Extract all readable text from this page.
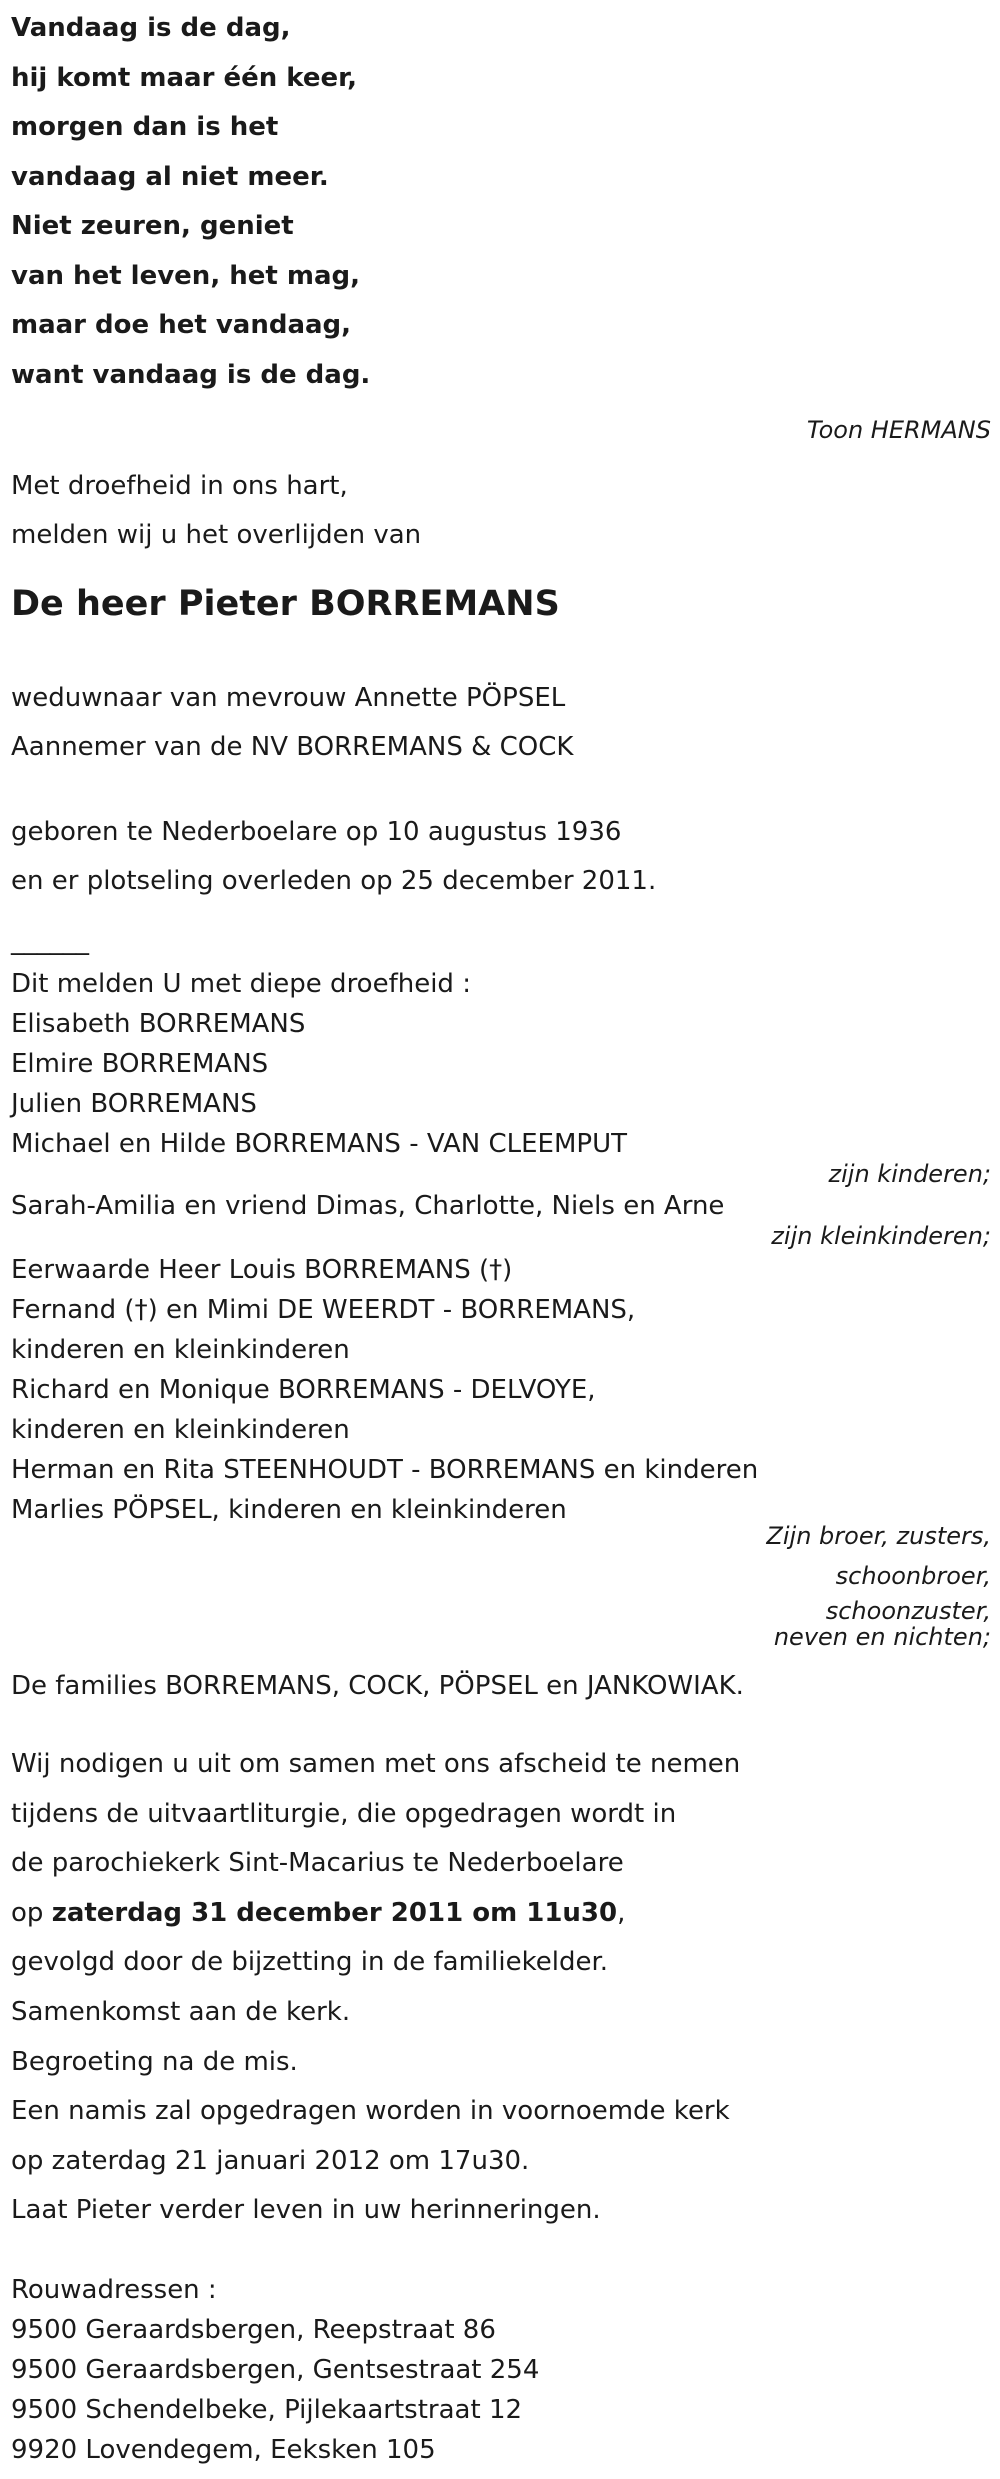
Vandaag is de dag,
hij komt maar één keer,
morgen dan is het
vandaag al niet meer.
Niet zeuren, geniet
van het leven, het mag,
maar doe het vandaag,
want vandaag is de dag.
Toon HERMANS
Met droefheid in ons hart,
melden wij u het overlijden van
De heer Pieter BORREMANS
weduwnaar van mevrouw Annette PÖPSEL
Aannemer van de NV BORREMANS & COCK
geboren te Nederboelare op 10 augustus 1936
en er plotseling overleden op 25 december 2011.
______
Dit melden U met diepe droefheid :
Elisabeth BORREMANS
Elmire BORREMANS
Julien BORREMANS
Michael en Hilde BORREMANS - VAN CLEEMPUT
zijn kinderen;
Sarah-Amilia en vriend Dimas, Charlotte, Niels en Arne
zijn kleinkinderen;
Eerwaarde Heer Louis BORREMANS (†)
Fernand (†) en Mimi DE WEERDT - BORREMANS,
kinderen en kleinkinderen
Richard en Monique BORREMANS - DELVOYE,
kinderen en kleinkinderen
Herman en Rita STEENHOUDT - BORREMANS en kinderen
Marlies PÖPSEL, kinderen en kleinkinderen
Zijn broer, zusters,
schoonbroer,
schoonzuster,
neven en nichten;
De families BORREMANS, COCK, PÖPSEL en JANKOWIAK.
Wij nodigen u uit om samen met ons afscheid te nemen
tijdens de uitvaartliturgie, die opgedragen wordt in
de parochiekerk Sint-Macarius te Nederboelare
op zaterdag 31 december 2011 om 11u30,
gevolgd door de bijzetting in de familiekelder.
Samenkomst aan de kerk.
Begroeting na de mis.
Een namis zal opgedragen worden in voornoemde kerk
op zaterdag 21 januari 2012 om 17u30.
Laat Pieter verder leven in uw herinneringen.
Rouwadressen :
9500 Geraardsbergen, Reepstraat 86
9500 Geraardsbergen, Gentsestraat 254
9500 Schendelbeke, Pijlekaartstraat 12
9920 Lovendegem, Eeksken 105
